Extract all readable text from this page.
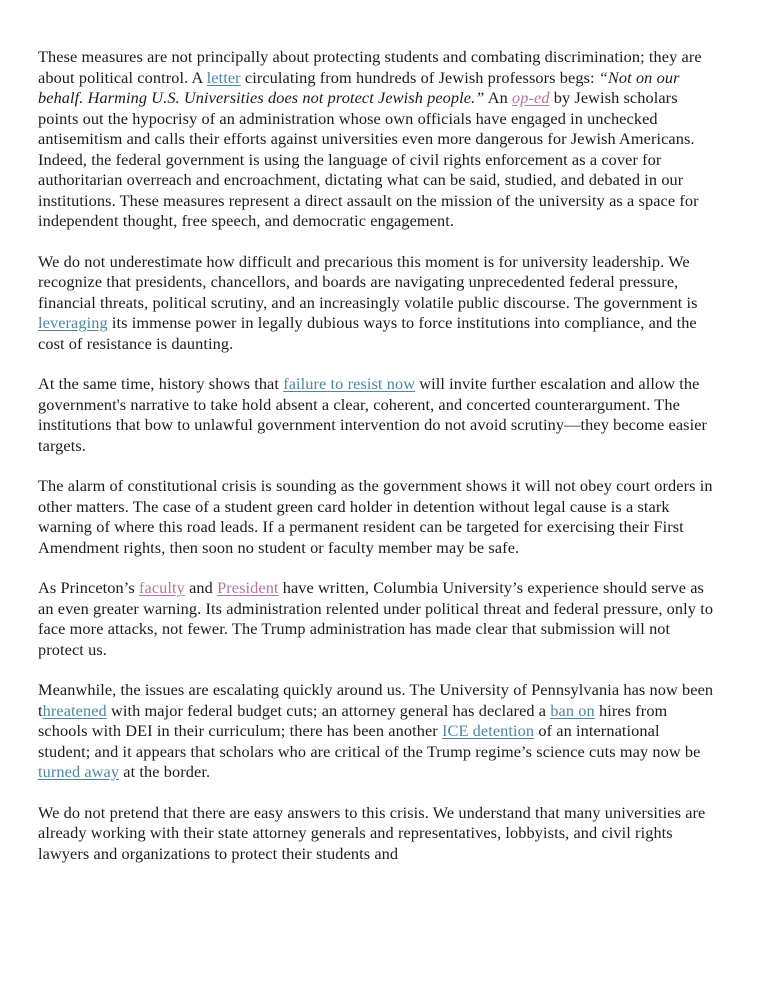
These measures are not principally about protecting students and combating discrimination; they are about political control. A letter circulating from hundreds of Jewish professors begs: “Not on our behalf. Harming U.S. Universities does not protect Jewish people.” An op-ed by Jewish scholars points out the hypocrisy of an administration whose own officials have engaged in unchecked antisemitism and calls their efforts against universities even more dangerous for Jewish Americans. Indeed, the federal government is using the language of civil rights enforcement as a cover for authoritarian overreach and encroachment, dictating what can be said, studied, and debated in our institutions. These measures represent a direct assault on the mission of the university as a space for independent thought, free speech, and democratic engagement.

We do not underestimate how difficult and precarious this moment is for university leadership. We recognize that presidents, chancellors, and boards are navigating unprecedented federal pressure, financial threats, political scrutiny, and an increasingly volatile public discourse. The government is leveraging its immense power in legally dubious ways to force institutions into compliance, and the cost of resistance is daunting.

At the same time, history shows that failure to resist now will invite further escalation and allow the government's narrative to take hold absent a clear, coherent, and concerted counterargument. The institutions that bow to unlawful government intervention do not avoid scrutiny—they become easier targets.

The alarm of constitutional crisis is sounding as the government shows it will not obey court orders in other matters. The case of a student green card holder in detention without legal cause is a stark warning of where this road leads. If a permanent resident can be targeted for exercising their First Amendment rights, then soon no student or faculty member may be safe.

As Princeton’s faculty and President have written, Columbia University’s experience should serve as an even greater warning. Its administration relented under political threat and federal pressure, only to face more attacks, not fewer. The Trump administration has made clear that submission will not protect us.

Meanwhile, the issues are escalating quickly around us. The University of Pennsylvania has now been threatened with major federal budget cuts; an attorney general has declared a ban on hires from schools with DEI in their curriculum; there has been another ICE detention of an international student; and it appears that scholars who are critical of the Trump regime’s science cuts may now be turned away at the border.

We do not pretend that there are easy answers to this crisis. We understand that many universities are already working with their state attorney generals and representatives, lobbyists, and civil rights lawyers and organizations to protect their students and
